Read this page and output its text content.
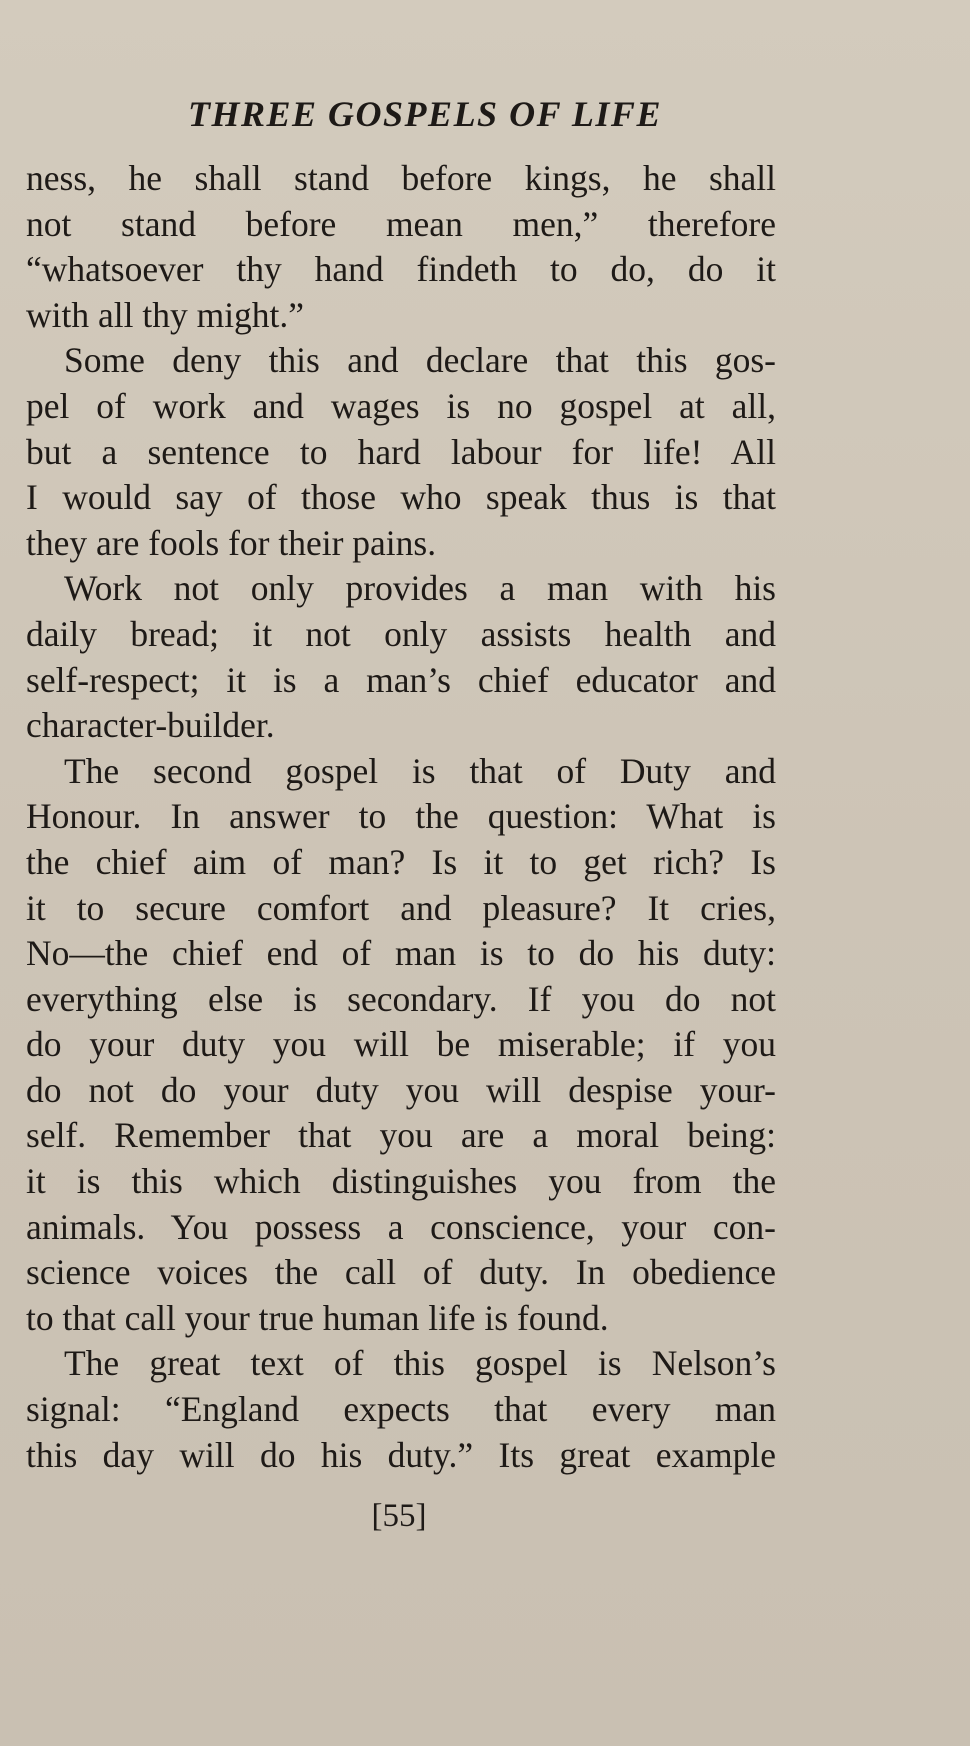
THREE GOSPELS OF LIFE
ness, he shall stand before kings, he shall
not stand before mean men,” therefore
“whatsoever thy hand findeth to do, do it
with all thy might.”
Some deny this and declare that this gos-
pel of work and wages is no gospel at all,
but a sentence to hard labour for life! All
I would say of those who speak thus is that
they are fools for their pains.
Work not only provides a man with his
daily bread; it not only assists health and
self-respect; it is a man’s chief educator and
character-builder.
The second gospel is that of Duty and
Honour. In answer to the question: What is
the chief aim of man? Is it to get rich? Is
it to secure comfort and pleasure? It cries,
No—the chief end of man is to do his duty:
everything else is secondary. If you do not
do your duty you will be miserable; if you
do not do your duty you will despise your-
self. Remember that you are a moral being:
it is this which distinguishes you from the
animals. You possess a conscience, your con-
science voices the call of duty. In obedience
to that call your true human life is found.
The great text of this gospel is Nelson’s
signal: “England expects that every man
this day will do his duty.” Its great example
[55]
